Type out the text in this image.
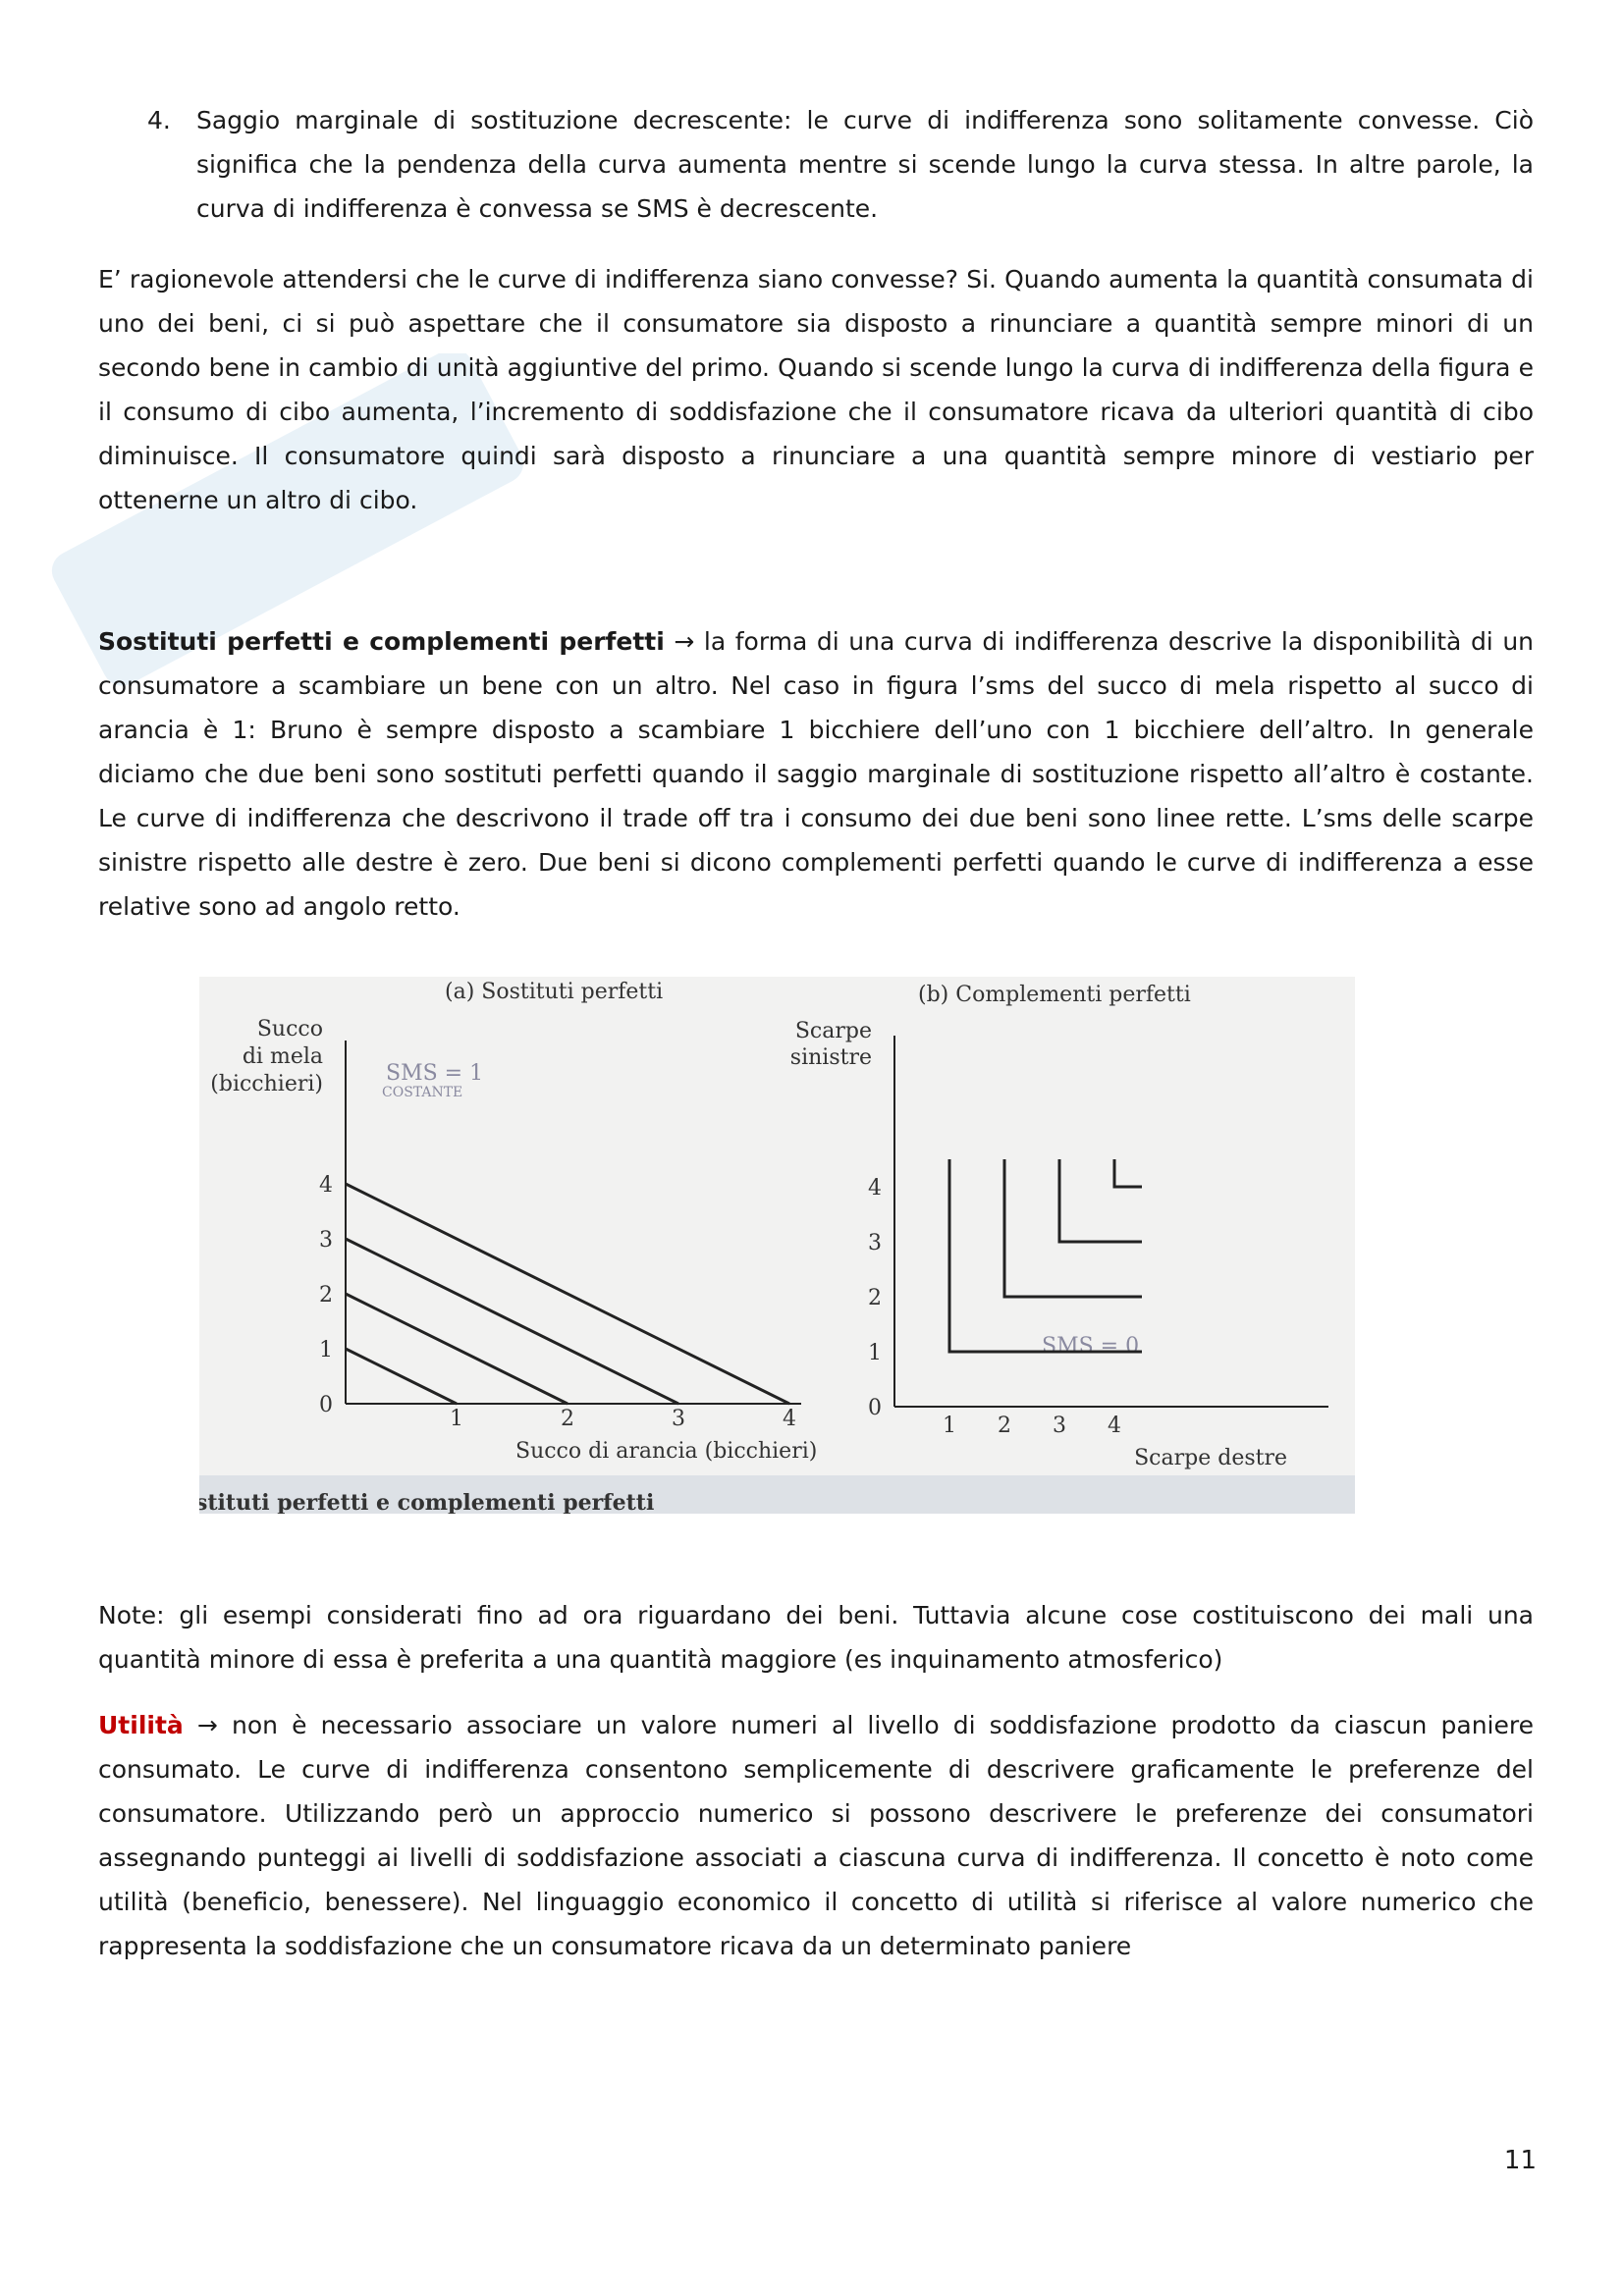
4. Saggio marginale di sostituzione decrescente: le curve di indifferenza sono solitamente convesse. Ciò significa che la pendenza della curva aumenta mentre si scende lungo la curva stessa. In altre parole, la curva di indifferenza è convessa se SMS è decrescente.

E’ ragionevole attendersi che le curve di indifferenza siano convesse? Si. Quando aumenta la quantità consumata di uno dei beni, ci si può aspettare che il consumatore sia disposto a rinunciare a quantità sempre minori di un secondo bene in cambio di unità aggiuntive del primo. Quando si scende lungo la curva di indifferenza della figura e il consumo di cibo aumenta, l’incremento di soddisfazione che il consumatore ricava da ulteriori quantità di cibo diminuisce. Il consumatore quindi sarà disposto a rinunciare a una quantità sempre minore di vestiario per ottenerne un altro di cibo.

Sostituti perfetti e complementi perfetti → la forma di una curva di indifferenza descrive la disponibilità di un consumatore a scambiare un bene con un altro. Nel caso in figura l’sms del succo di mela rispetto al succo di arancia è 1: Bruno è sempre disposto a scambiare 1 bicchiere dell’uno con 1 bicchiere dell’altro. In generale diciamo che due beni sono sostituti perfetti quando il saggio marginale di sostituzione rispetto all’altro è costante. Le curve di indifferenza che descrivono il trade off tra i consumo dei due beni sono linee rette. L’sms delle scarpe sinistre rispetto alle destre è zero. Due beni si dicono complementi perfetti quando le curve di indifferenza a esse relative sono ad angolo retto.

(a) Sostituti perfetti
Succo
di mela
(bicchieri)
Succo di arancia (bicchieri)
SMS = 1
COSTANTE
1	2	3	4
0
1
2
3
4
(b) Complementi perfetti
Scarpe
sinistre
Scarpe destre
SMS = 0
1 2 3 4
0
1
2
3
4
stituti perfetti e complementi perfetti

Note: gli esempi considerati fino ad ora riguardano dei beni. Tuttavia alcune cose costituiscono dei mali una quantità minore di essa è preferita a una quantità maggiore (es inquinamento atmosferico)

Utilità → non è necessario associare un valore numeri al livello di soddisfazione prodotto da ciascun paniere consumato. Le curve di indifferenza consentono semplicemente di descrivere graficamente le preferenze del consumatore. Utilizzando però un approccio numerico si possono descrivere le preferenze dei consumatori assegnando punteggi ai livelli di soddisfazione associati a ciascuna curva di indifferenza. Il concetto è noto come utilità (beneficio, benessere). Nel linguaggio economico il concetto di utilità si riferisce al valore numerico che rappresenta la soddisfazione che un consumatore ricava da un determinato paniere

11
